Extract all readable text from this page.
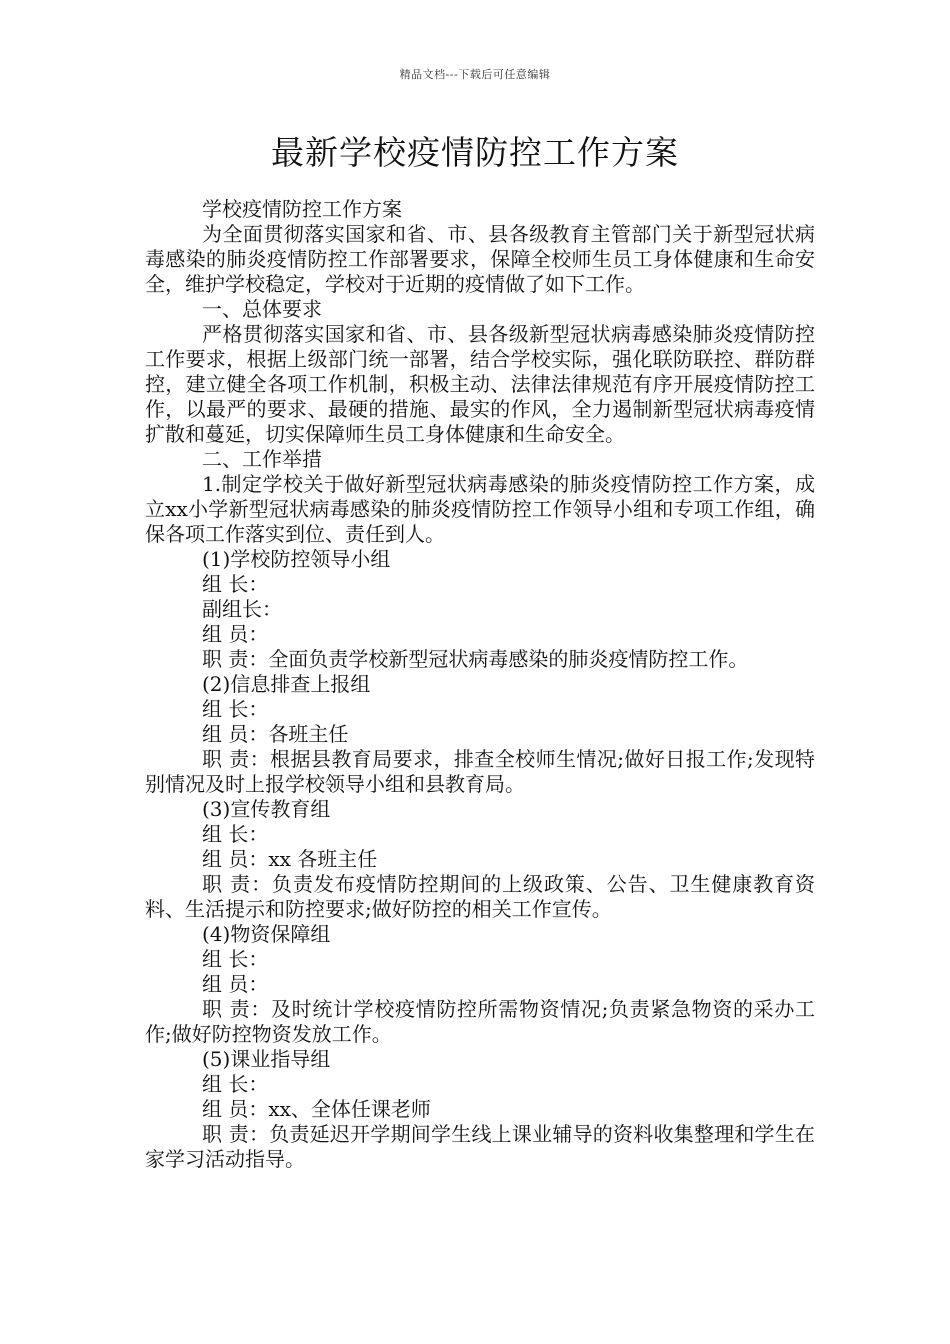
精品文档---下载后可任意编辑
最新学校疫情防控工作方案

学校疫情防控工作方案

为全面贯彻落实国家和省、市、县各级教育主管部门关于新型冠状病毒感染的肺炎疫情防控工作部署要求，保障全校师生员工身体健康和生命安全，维护学校稳定，学校对于近期的疫情做了如下工作。

一、总体要求

严格贯彻落实国家和省、市、县各级新型冠状病毒感染肺炎疫情防控工作要求，根据上级部门统一部署，结合学校实际，强化联防联控、群防群控，建立健全各项工作机制，积极主动、法律法律规范有序开展疫情防控工作，以最严的要求、最硬的措施、最实的作风，全力遏制新型冠状病毒疫情扩散和蔓延，切实保障师生员工身体健康和生命安全。

二、工作举措

1.制定学校关于做好新型冠状病毒感染的肺炎疫情防控工作方案，成立xx小学新型冠状病毒感染的肺炎疫情防控工作领导小组和专项工作组，确保各项工作落实到位、责任到人。

(1)学校防控领导小组

组 长：

副组长：

组 员：

职 责：全面负责学校新型冠状病毒感染的肺炎疫情防控工作。

(2)信息排查上报组

组 长：

组 员：各班主任

职 责：根据县教育局要求，排查全校师生情况;做好日报工作;发现特别情况及时上报学校领导小组和县教育局。

(3)宣传教育组

组 长：

组 员：xx 各班主任

职 责：负责发布疫情防控期间的上级政策、公告、卫生健康教育资料、生活提示和防控要求;做好防控的相关工作宣传。

(4)物资保障组

组 长：

组 员：

职 责：及时统计学校疫情防控所需物资情况;负责紧急物资的采办工作;做好防控物资发放工作。

(5)课业指导组

组 长：

组 员：xx、全体任课老师

职 责：负责延迟开学期间学生线上课业辅导的资料收集整理和学生在家学习活动指导。
